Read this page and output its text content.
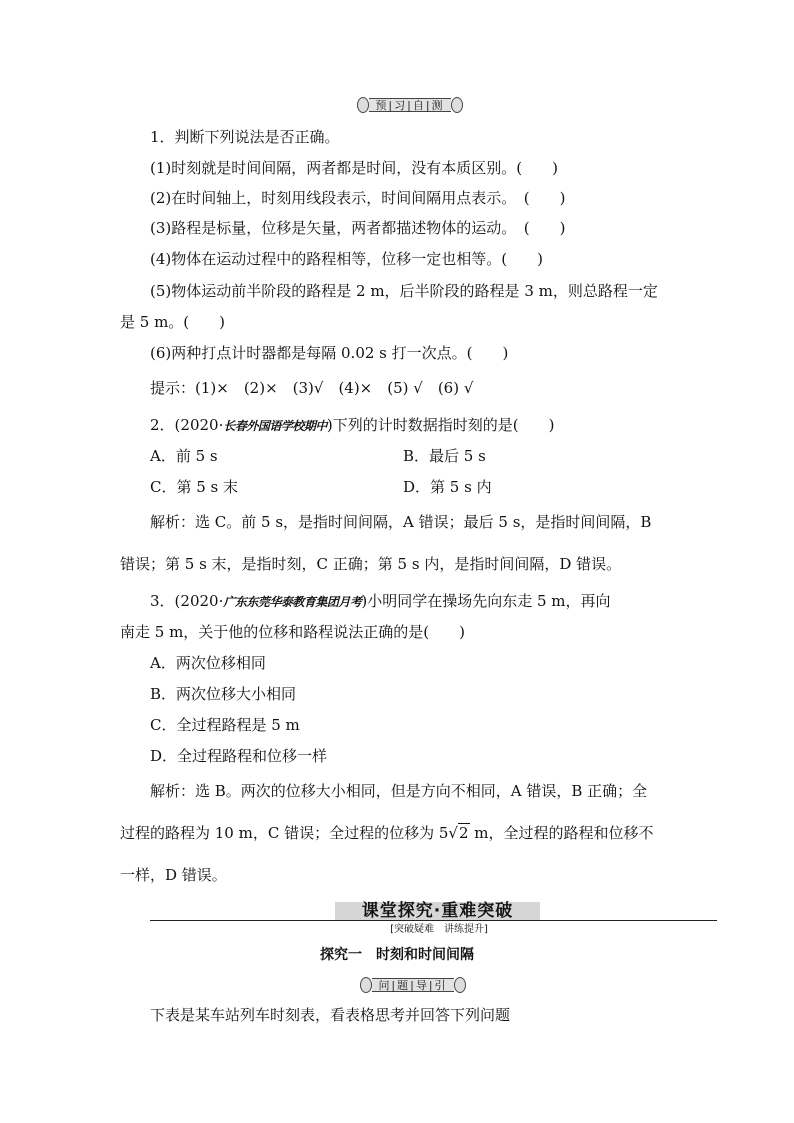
预|习|自|测
1．判断下列说法是否正确。
(1)时刻就是时间间隔，两者都是时间，没有本质区别。(　　)
(2)在时间轴上，时刻用线段表示，时间间隔用点表示。　(　　)
(3)路程是标量，位移是矢量，两者都描述物体的运动。　(　　)
(4)物体在运动过程中的路程相等，位移一定也相等。(　　)
(5)物体运动前半阶段的路程是 2 m，后半阶段的路程是 3 m，则总路程一定
是 5 m。(　　)
(6)两种打点计时器都是每隔 0.02 s 打一次点。(　　)
提示：(1)×　(2)×　(3)√　(4)×　(5) √　(6) √
2．(2020·长春外国语学校期中)下列的计时数据指时刻的是(　　)
A．前 5 s	B．最后 5 s
C．第 5 s 末	D．第 5 s 内
解析：选 C。前 5 s，是指时间间隔，A 错误；最后 5 s，是指时间间隔，B
错误；第 5 s 末，是指时刻，C 正确；第 5 s 内，是指时间间隔，D 错误。
3．(2020·广东东莞华泰教育集团月考)小明同学在操场先向东走 5 m，再向
南走 5 m，关于他的位移和路程说法正确的是(　　)
A．两次位移相同
B．两次位移大小相同
C．全过程路程是 5 m
D．全过程路程和位移一样
解析：选 B。两次的位移大小相同，但是方向不相同，A 错误，B 正确；全
过程的路程为 10 m，C 错误；全过程的位移为 5√2 m，全过程的路程和位移不
一样，D 错误。
课堂探究·重难突破
[突破疑难　讲练提升]
探究一　时刻和时间间隔
问|题|导|引
下表是某车站列车时刻表，看表格思考并回答下列问题
